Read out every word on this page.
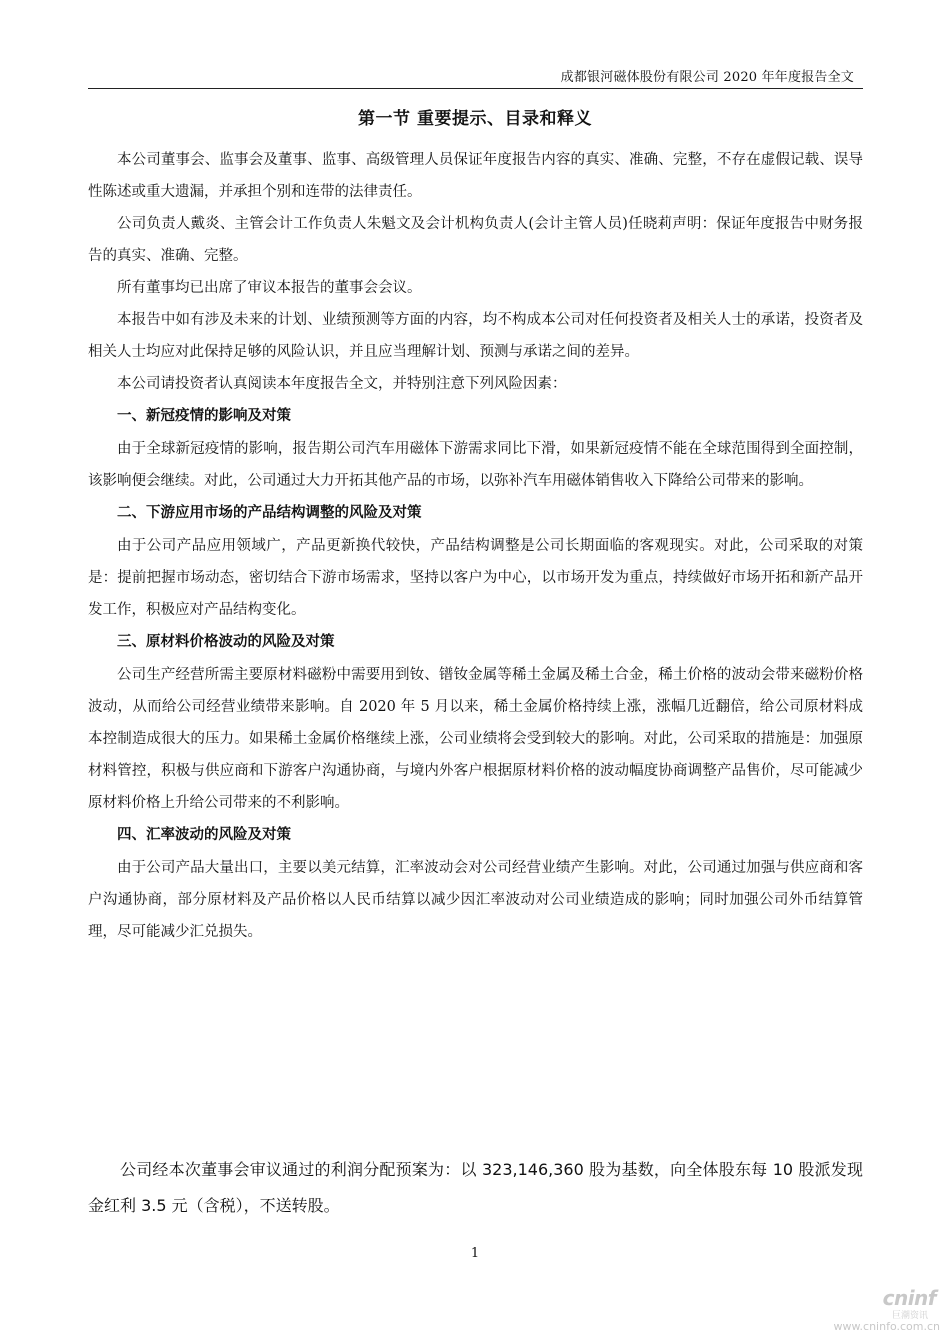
成都银河磁体股份有限公司 2020 年年度报告全文
第一节 重要提示、目录和释义

本公司董事会、监事会及董事、监事、高级管理人员保证年度报告内容的真实、准确、完整，不存在虚假记载、误导性陈述或重大遗漏，并承担个别和连带的法律责任。

公司负责人戴炎、主管会计工作负责人朱魁文及会计机构负责人(会计主管人员)任晓莉声明：保证年度报告中财务报告的真实、准确、完整。

所有董事均已出席了审议本报告的董事会会议。

本报告中如有涉及未来的计划、业绩预测等方面的内容，均不构成本公司对任何投资者及相关人士的承诺，投资者及相关人士均应对此保持足够的风险认识，并且应当理解计划、预测与承诺之间的差异。

本公司请投资者认真阅读本年度报告全文，并特别注意下列风险因素：

一、新冠疫情的影响及对策

由于全球新冠疫情的影响，报告期公司汽车用磁体下游需求同比下滑，如果新冠疫情不能在全球范围得到全面控制，该影响便会继续。对此，公司通过大力开拓其他产品的市场，以弥补汽车用磁体销售收入下降给公司带来的影响。

二、下游应用市场的产品结构调整的风险及对策

由于公司产品应用领域广，产品更新换代较快，产品结构调整是公司长期面临的客观现实。对此，公司采取的对策是：提前把握市场动态，密切结合下游市场需求，坚持以客户为中心，以市场开发为重点，持续做好市场开拓和新产品开发工作，积极应对产品结构变化。

三、原材料价格波动的风险及对策

公司生产经营所需主要原材料磁粉中需要用到钕、镨钕金属等稀土金属及稀土合金，稀土价格的波动会带来磁粉价格波动，从而给公司经营业绩带来影响。自 2020 年 5 月以来，稀土金属价格持续上涨，涨幅几近翻倍，给公司原材料成本控制造成很大的压力。如果稀土金属价格继续上涨，公司业绩将会受到较大的影响。对此，公司采取的措施是：加强原材料管控，积极与供应商和下游客户沟通协商，与境内外客户根据原材料价格的波动幅度协商调整产品售价，尽可能减少原材料价格上升给公司带来的不利影响。

四、汇率波动的风险及对策

由于公司产品大量出口，主要以美元结算，汇率波动会对公司经营业绩产生影响。对此，公司通过加强与供应商和客户沟通协商，部分原材料及产品价格以人民币结算以减少因汇率波动对公司业绩造成的影响；同时加强公司外币结算管理，尽可能减少汇兑损失。

公司经本次董事会审议通过的利润分配预案为：以 323,146,360 股为基数，向全体股东每 10 股派发现金红利 3.5 元（含税），不送转股。

1
cninf
巨潮资讯
www.cninfo.com.cn
